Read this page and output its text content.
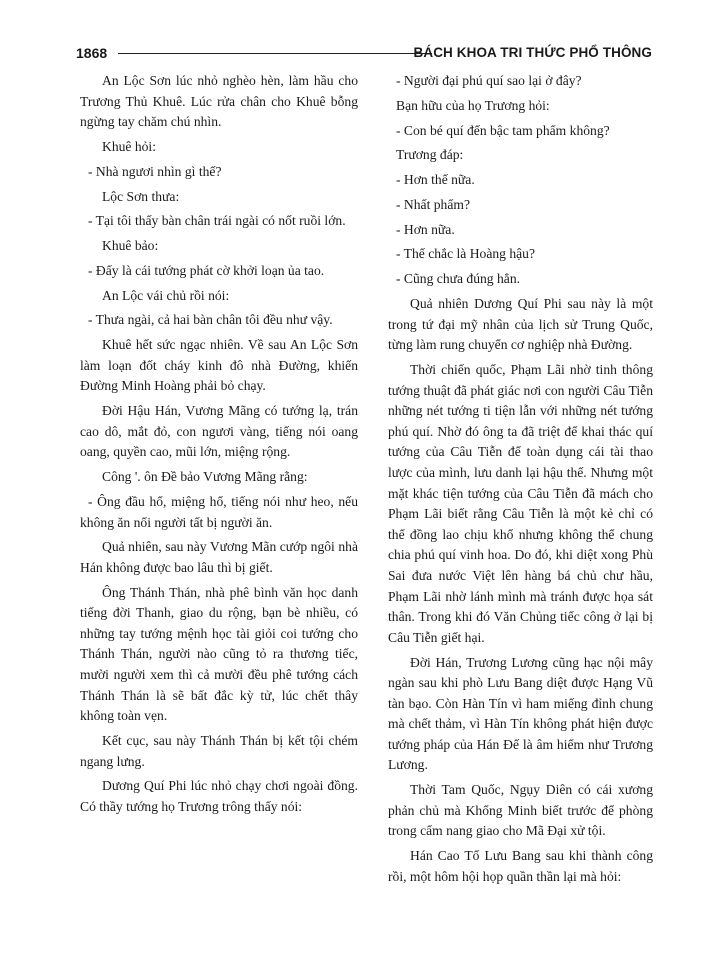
1868	BÁCH KHOA TRI THỨC PHỔ THÔNG

An Lộc Sơn lúc nhỏ nghèo hèn, làm hầu cho Trương Thủ Khuê. Lúc rửa chân cho Khuê bỗng ngừng tay chăm chú nhìn.

Khuê hỏi:

- Nhà ngươi nhìn gì thế?

Lộc Sơn thưa:

- Tại tôi thấy bàn chân trái ngài có nốt ruồi lớn.

Khuê bảo:

- Đấy là cái tướng phát cờ khởi loạn ủa tao.

An Lộc vái chủ rồi nói:

- Thưa ngài, cả hai bàn chân tôi đều như vậy.

Khuê hết sức ngạc nhiên. Về sau An Lộc Sơn làm loạn đốt cháy kinh đô nhà Đường, khiến Đường Minh Hoàng phải bỏ chạy.

Đời Hậu Hán, Vương Mãng có tướng lạ, trán cao dô, mắt đỏ, con ngươi vàng, tiếng nói oang oang, quyền cao, mũi lớn, miệng rộng.

Công '. ôn Đề bảo Vương Mãng rằng:

- Ông đầu hổ, miệng hổ, tiếng nói như heo, nếu không ăn nổi người tất bị người ăn.

Quả nhiên, sau này Vương Mãn cướp ngôi nhà Hán không được bao lâu thì bị giết.

Ông Thánh Thán, nhà phê bình văn học danh tiếng đời Thanh, giao du rộng, bạn bè nhiều, có những tay tướng mệnh học tài giỏi coi tướng cho Thánh Thán, người nào cũng tỏ ra thương tiếc, mười người xem thì cả mười đều phê tướng cách Thánh Thán là sẽ bất đắc kỳ tử, lúc chết thây không toàn vẹn.

Kết cục, sau này Thánh Thán bị kết tội chém ngang lưng.

Dương Quí Phi lúc nhỏ chạy chơi ngoài đồng. Có thầy tướng họ Trương trông thấy nói:

- Người đại phú quí sao lại ở đây?

Bạn hữu của họ Trương hỏi:

- Con bé quí đến bậc tam phẩm không?

Trương đáp:

- Hơn thế nữa.

- Nhất phẩm?

- Hơn nữa.

- Thế chắc là Hoàng hậu?

- Cũng chưa đúng hẳn.

Quả nhiên Dương Quí Phi sau này là một trong tứ đại mỹ nhân của lịch sử Trung Quốc, từng làm rung chuyển cơ nghiệp nhà Đường.

Thời chiến quốc, Phạm Lãi nhờ tinh thông tướng thuật đã phát giác nơi con người Câu Tiễn những nét tướng ti tiện lẫn với những nét tướng phú quí. Nhờ đó ông ta đã triệt để khai thác quí tướng của Câu Tiễn để toàn dụng cái tài thao lược của mình, lưu danh lại hậu thế. Nhưng một mặt khác tiện tướng của Câu Tiễn đã mách cho Phạm Lãi biết rằng Câu Tiễn là một kẻ chỉ có thể đồng lao chịu khổ nhưng không thể chung chia phú quí vinh hoa. Do đó, khi diệt xong Phù Sai đưa nước Việt lên hàng bá chủ chư hầu, Phạm Lãi nhờ lánh mình mà tránh được họa sát thân. Trong khi đó Văn Chủng tiếc công ở lại bị Câu Tiễn giết hại.

Đời Hán, Trương Lương cũng hạc nội mây ngàn sau khi phò Lưu Bang diệt được Hạng Vũ tàn bạo. Còn Hàn Tín vì ham miếng đỉnh chung mà chết thảm, vì Hàn Tín không phát hiện được tướng pháp của Hán Đế là âm hiểm như Trương Lương.

Thời Tam Quốc, Ngụy Diên có cái xương phản chủ mà Khổng Minh biết trước để phòng trong cẩm nang giao cho Mã Đại xử tội.

Hán Cao Tổ Lưu Bang sau khi thành công rồi, một hôm hội họp quần thần lại mà hỏi:
